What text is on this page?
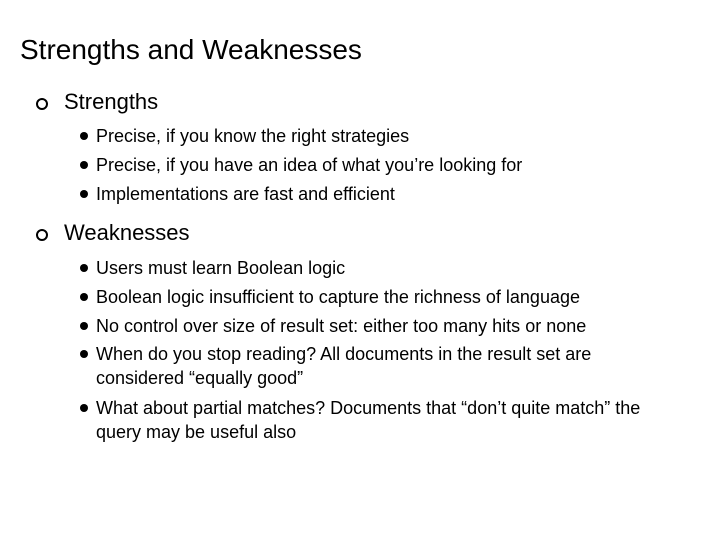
Strengths and Weaknesses
Strengths
Precise, if you know the right strategies
Precise, if you have an idea of what you’re looking for
Implementations are fast and efficient
Weaknesses
Users must learn Boolean logic
Boolean logic insufficient to capture the richness of language
No control over size of result set: either too many hits or none
When do you stop reading? All documents in the result set are considered “equally good”
What about partial matches? Documents that “don’t quite match” the query may be useful also
